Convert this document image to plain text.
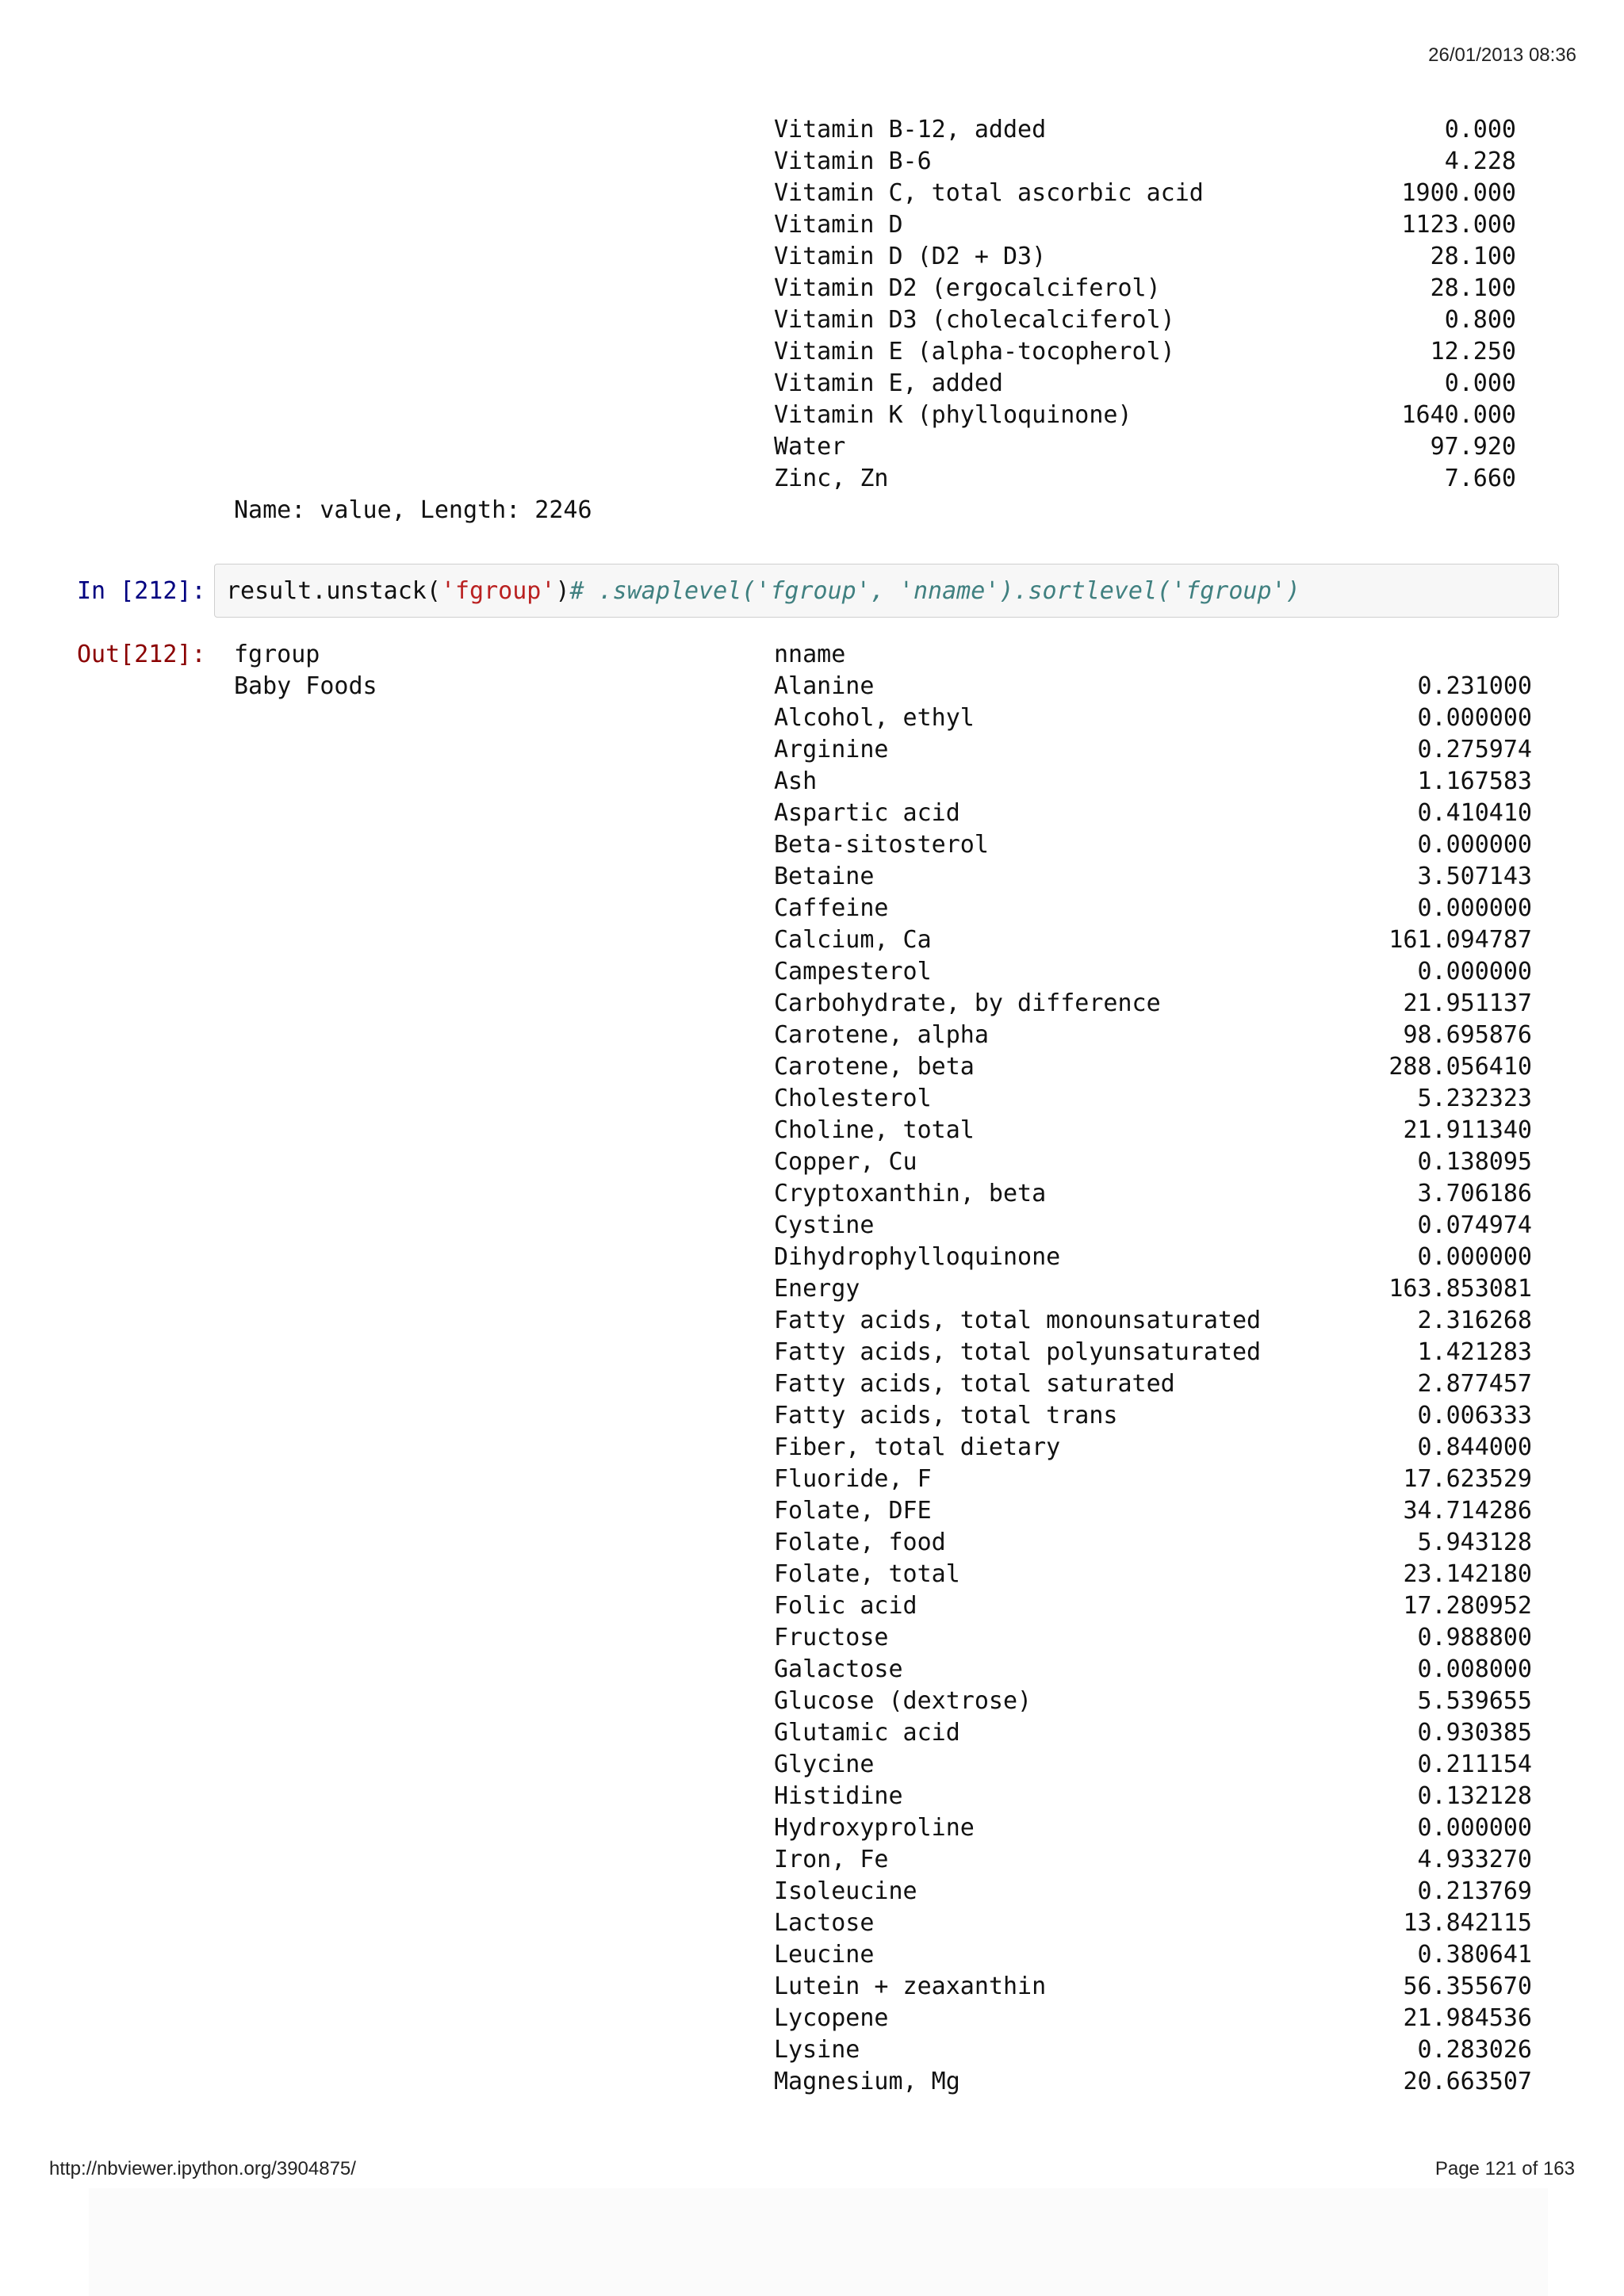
26/01/2013 08:36
Vitamin B-12, added	0.000
Vitamin B-6	4.228
Vitamin C, total ascorbic acid	1900.000
Vitamin D	1123.000
Vitamin D (D2 + D3)	28.100
Vitamin D2 (ergocalciferol)	28.100
Vitamin D3 (cholecalciferol)	0.800
Vitamin E (alpha-tocopherol)	12.250
Vitamin E, added	0.000
Vitamin K (phylloquinone)	1640.000
Water	97.920
Zinc, Zn	7.660
Name: value, Length: 2246
In [212]: result.unstack('fgroup')# .swaplevel('fgroup', 'nname').sortlevel('fgroup')
Out[212]: fgroup	nname
Baby Foods	Alanine	0.231000
Alcohol, ethyl	0.000000
Arginine	0.275974
Ash	1.167583
Aspartic acid	0.410410
Beta-sitosterol	0.000000
Betaine	3.507143
Caffeine	0.000000
Calcium, Ca	161.094787
Campesterol	0.000000
Carbohydrate, by difference	21.951137
Carotene, alpha	98.695876
Carotene, beta	288.056410
Cholesterol	5.232323
Choline, total	21.911340
Copper, Cu	0.138095
Cryptoxanthin, beta	3.706186
Cystine	0.074974
Dihydrophylloquinone	0.000000
Energy	163.853081
Fatty acids, total monounsaturated	2.316268
Fatty acids, total polyunsaturated	1.421283
Fatty acids, total saturated	2.877457
Fatty acids, total trans	0.006333
Fiber, total dietary	0.844000
Fluoride, F	17.623529
Folate, DFE	34.714286
Folate, food	5.943128
Folate, total	23.142180
Folic acid	17.280952
Fructose	0.988800
Galactose	0.008000
Glucose (dextrose)	5.539655
Glutamic acid	0.930385
Glycine	0.211154
Histidine	0.132128
Hydroxyproline	0.000000
Iron, Fe	4.933270
Isoleucine	0.213769
Lactose	13.842115
Leucine	0.380641
Lutein + zeaxanthin	56.355670
Lycopene	21.984536
Lysine	0.283026
Magnesium, Mg	20.663507
http://nbviewer.ipython.org/3904875/	Page 121 of 163
